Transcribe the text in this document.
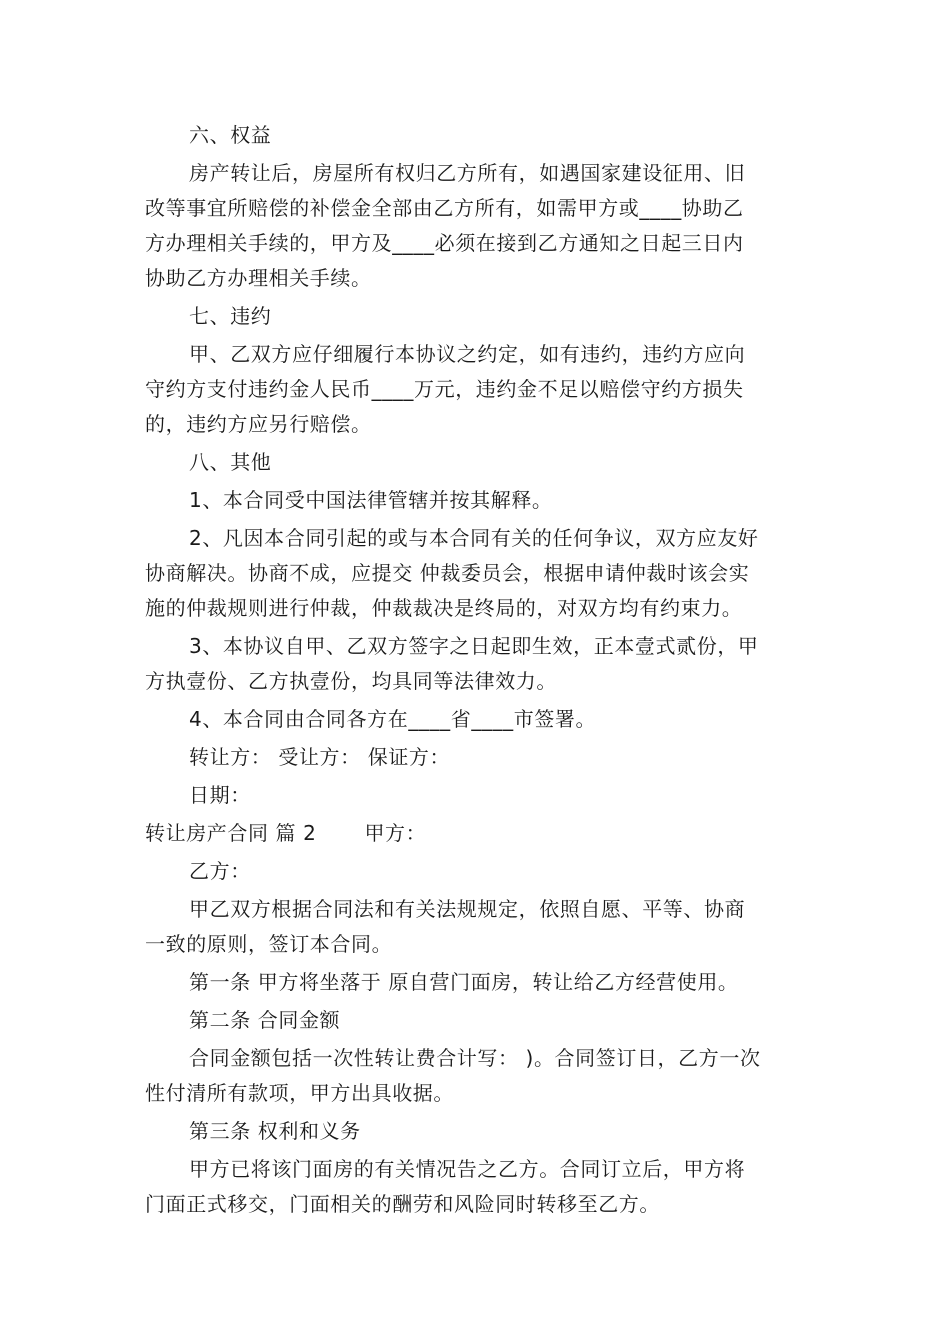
六、权益

房产转让后，房屋所有权归乙方所有，如遇国家建设征用、旧

改等事宜所赔偿的补偿金全部由乙方所有，如需甲方或____协助乙

方办理相关手续的，甲方及____必须在接到乙方通知之日起三日内

协助乙方办理相关手续。

七、违约

甲、乙双方应仔细履行本协议之约定，如有违约，违约方应向

守约方支付违约金人民币____万元，违约金不足以赔偿守约方损失

的，违约方应另行赔偿。

八、其他

1、本合同受中国法律管辖并按其解释。

2、凡因本合同引起的或与本合同有关的任何争议，双方应友好

协商解决。协商不成，应提交 仲裁委员会，根据申请仲裁时该会实

施的仲裁规则进行仲裁，仲裁裁决是终局的，对双方均有约束力。

3、本协议自甲、乙双方签字之日起即生效，正本壹式贰份，甲

方执壹份、乙方执壹份，均具同等法律效力。

4、本合同由合同各方在____省____市签署。

转让方： 受让方： 保证方：

日期：

转让房产合同 篇 2 甲方：

乙方：

甲乙双方根据合同法和有关法规规定，依照自愿、平等、协商

一致的原则，签订本合同。

第一条 甲方将坐落于 原自营门面房，转让给乙方经营使用。

第二条 合同金额

合同金额包括一次性转让费合计写： )。合同签订日，乙方一次

性付清所有款项，甲方出具收据。

第三条 权利和义务

甲方已将该门面房的有关情况告之乙方。合同订立后，甲方将

门面正式移交，门面相关的酬劳和风险同时转移至乙方。
